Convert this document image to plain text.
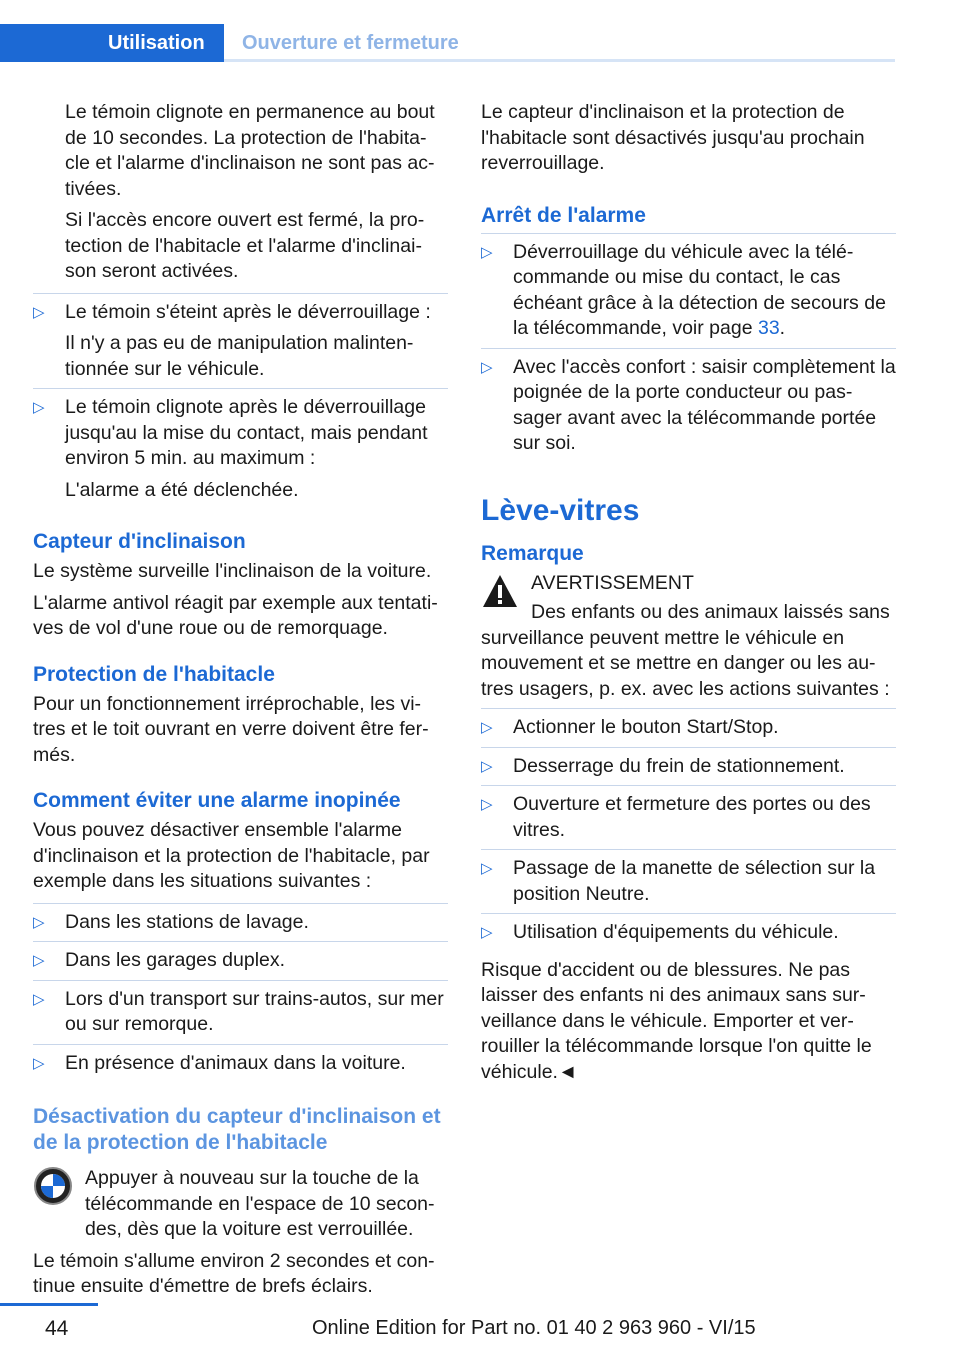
Utilisation	Ouverture et fermeture

Le témoin clignote en permanence au bout de 10 secondes. La protection de l'habita-cle et l'alarme d'inclinaison ne sont pas ac-tivées.

Si l'accès encore ouvert est fermé, la pro-tection de l'habitacle et l'alarme d'inclinai-son seront activées.

▷ Le témoin s'éteint après le déverrouillage :
Il n'y a pas eu de manipulation malinten-tionnée sur le véhicule.
▷ Le témoin clignote après le déverrouillage jusqu'au la mise du contact, mais pendant environ 5 min. au maximum :
L'alarme a été déclenchée.
Capteur d'inclinaison

Le système surveille l'inclinaison de la voiture.

L'alarme antivol réagit par exemple aux tentati-ves de vol d'une roue ou de remorquage.

Protection de l'habitacle

Pour un fonctionnement irréprochable, les vi-tres et le toit ouvrant en verre doivent être fer-més.

Comment éviter une alarme inopinée

Vous pouvez désactiver ensemble l'alarme d'inclinaison et la protection de l'habitacle, par exemple dans les situations suivantes :

▷ Dans les stations de lavage.
▷ Dans les garages duplex.
▷ Lors d'un transport sur trains-autos, sur mer ou sur remorque.
▷ En présence d'animaux dans la voiture.
Désactivation du capteur d'inclinaison et de la protection de l'habitacle

Appuyer à nouveau sur la touche de la télécommande en l'espace de 10 secon-des, dès que la voiture est verrouillée.

Le témoin s'allume environ 2 secondes et con-tinue ensuite d'émettre de brefs éclairs.

Le capteur d'inclinaison et la protection de l'habitacle sont désactivés jusqu'au prochain reverrouillage.

Arrêt de l'alarme
▷ Déverrouillage du véhicule avec la télé-commande ou mise du contact, le cas échéant grâce à la détection de secours de la télécommande, voir page 33.
▷ Avec l'accès confort : saisir complètement la poignée de la porte conducteur ou pas-sager avant avec la télécommande portée sur soi.
Lève-vitres
Remarque

AVERTISSEMENT

Des enfants ou des animaux laissés sans surveillance peuvent mettre le véhicule en mouvement et se mettre en danger ou les au-tres usagers, p. ex. avec les actions suivantes :

▷ Actionner le bouton Start/Stop.
▷ Desserrage du frein de stationnement.
▷ Ouverture et fermeture des portes ou des vitres.
▷ Passage de la manette de sélection sur la position Neutre.
▷ Utilisation d'équipements du véhicule.

Risque d'accident ou de blessures. Ne pas laisser des enfants ni des animaux sans sur-veillance dans le véhicule. Emporter et ver-rouiller la télécommande lorsque l'on quitte le véhicule.◄

44	Online Edition for Part no. 01 40 2 963 960 - VI/15
